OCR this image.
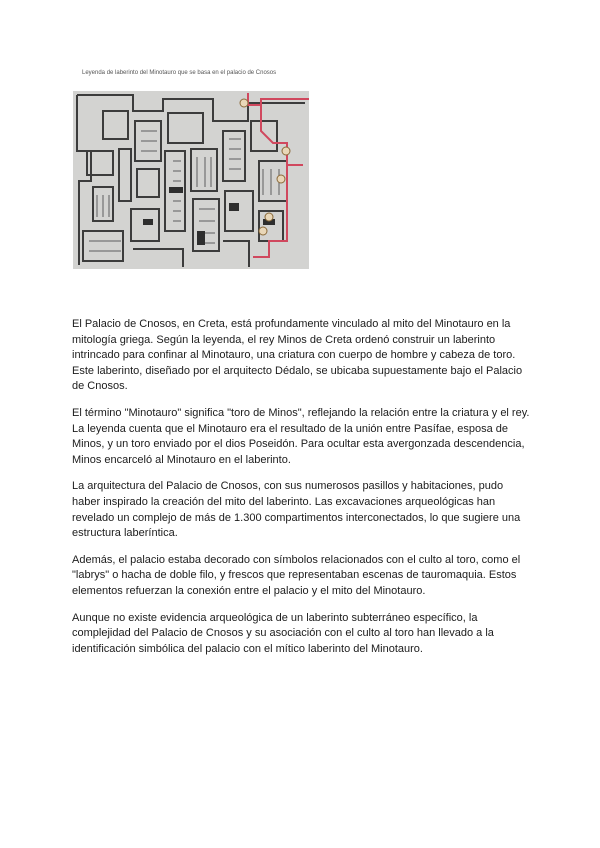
Leyenda de laberinto del Minotauro que se basa en el palacio de Cnosos

El Palacio de Cnosos, en Creta, está profundamente vinculado al mito del Minotauro en la mitología griega. Según la leyenda, el rey Minos de Creta ordenó construir un laberinto intrincado para confinar al Minotauro, una criatura con cuerpo de hombre y cabeza de toro. Este laberinto, diseñado por el arquitecto Dédalo, se ubicaba supuestamente bajo el Palacio de Cnosos.

El término "Minotauro" significa "toro de Minos", reflejando la relación entre la criatura y el rey. La leyenda cuenta que el Minotauro era el resultado de la unión entre Pasífae, esposa de Minos, y un toro enviado por el dios Poseidón. Para ocultar esta avergonzada descendencia, Minos encarceló al Minotauro en el laberinto.

La arquitectura del Palacio de Cnosos, con sus numerosos pasillos y habitaciones, pudo haber inspirado la creación del mito del laberinto. Las excavaciones arqueológicas han revelado un complejo de más de 1.300 compartimentos interconectados, lo que sugiere una estructura laberíntica.

Además, el palacio estaba decorado con símbolos relacionados con el culto al toro, como el "labrys" o hacha de doble filo, y frescos que representaban escenas de tauromaquia. Estos elementos refuerzan la conexión entre el palacio y el mito del Minotauro.

Aunque no existe evidencia arqueológica de un laberinto subterráneo específico, la complejidad del Palacio de Cnosos y su asociación con el culto al toro han llevado a la identificación simbólica del palacio con el mítico laberinto del Minotauro.
